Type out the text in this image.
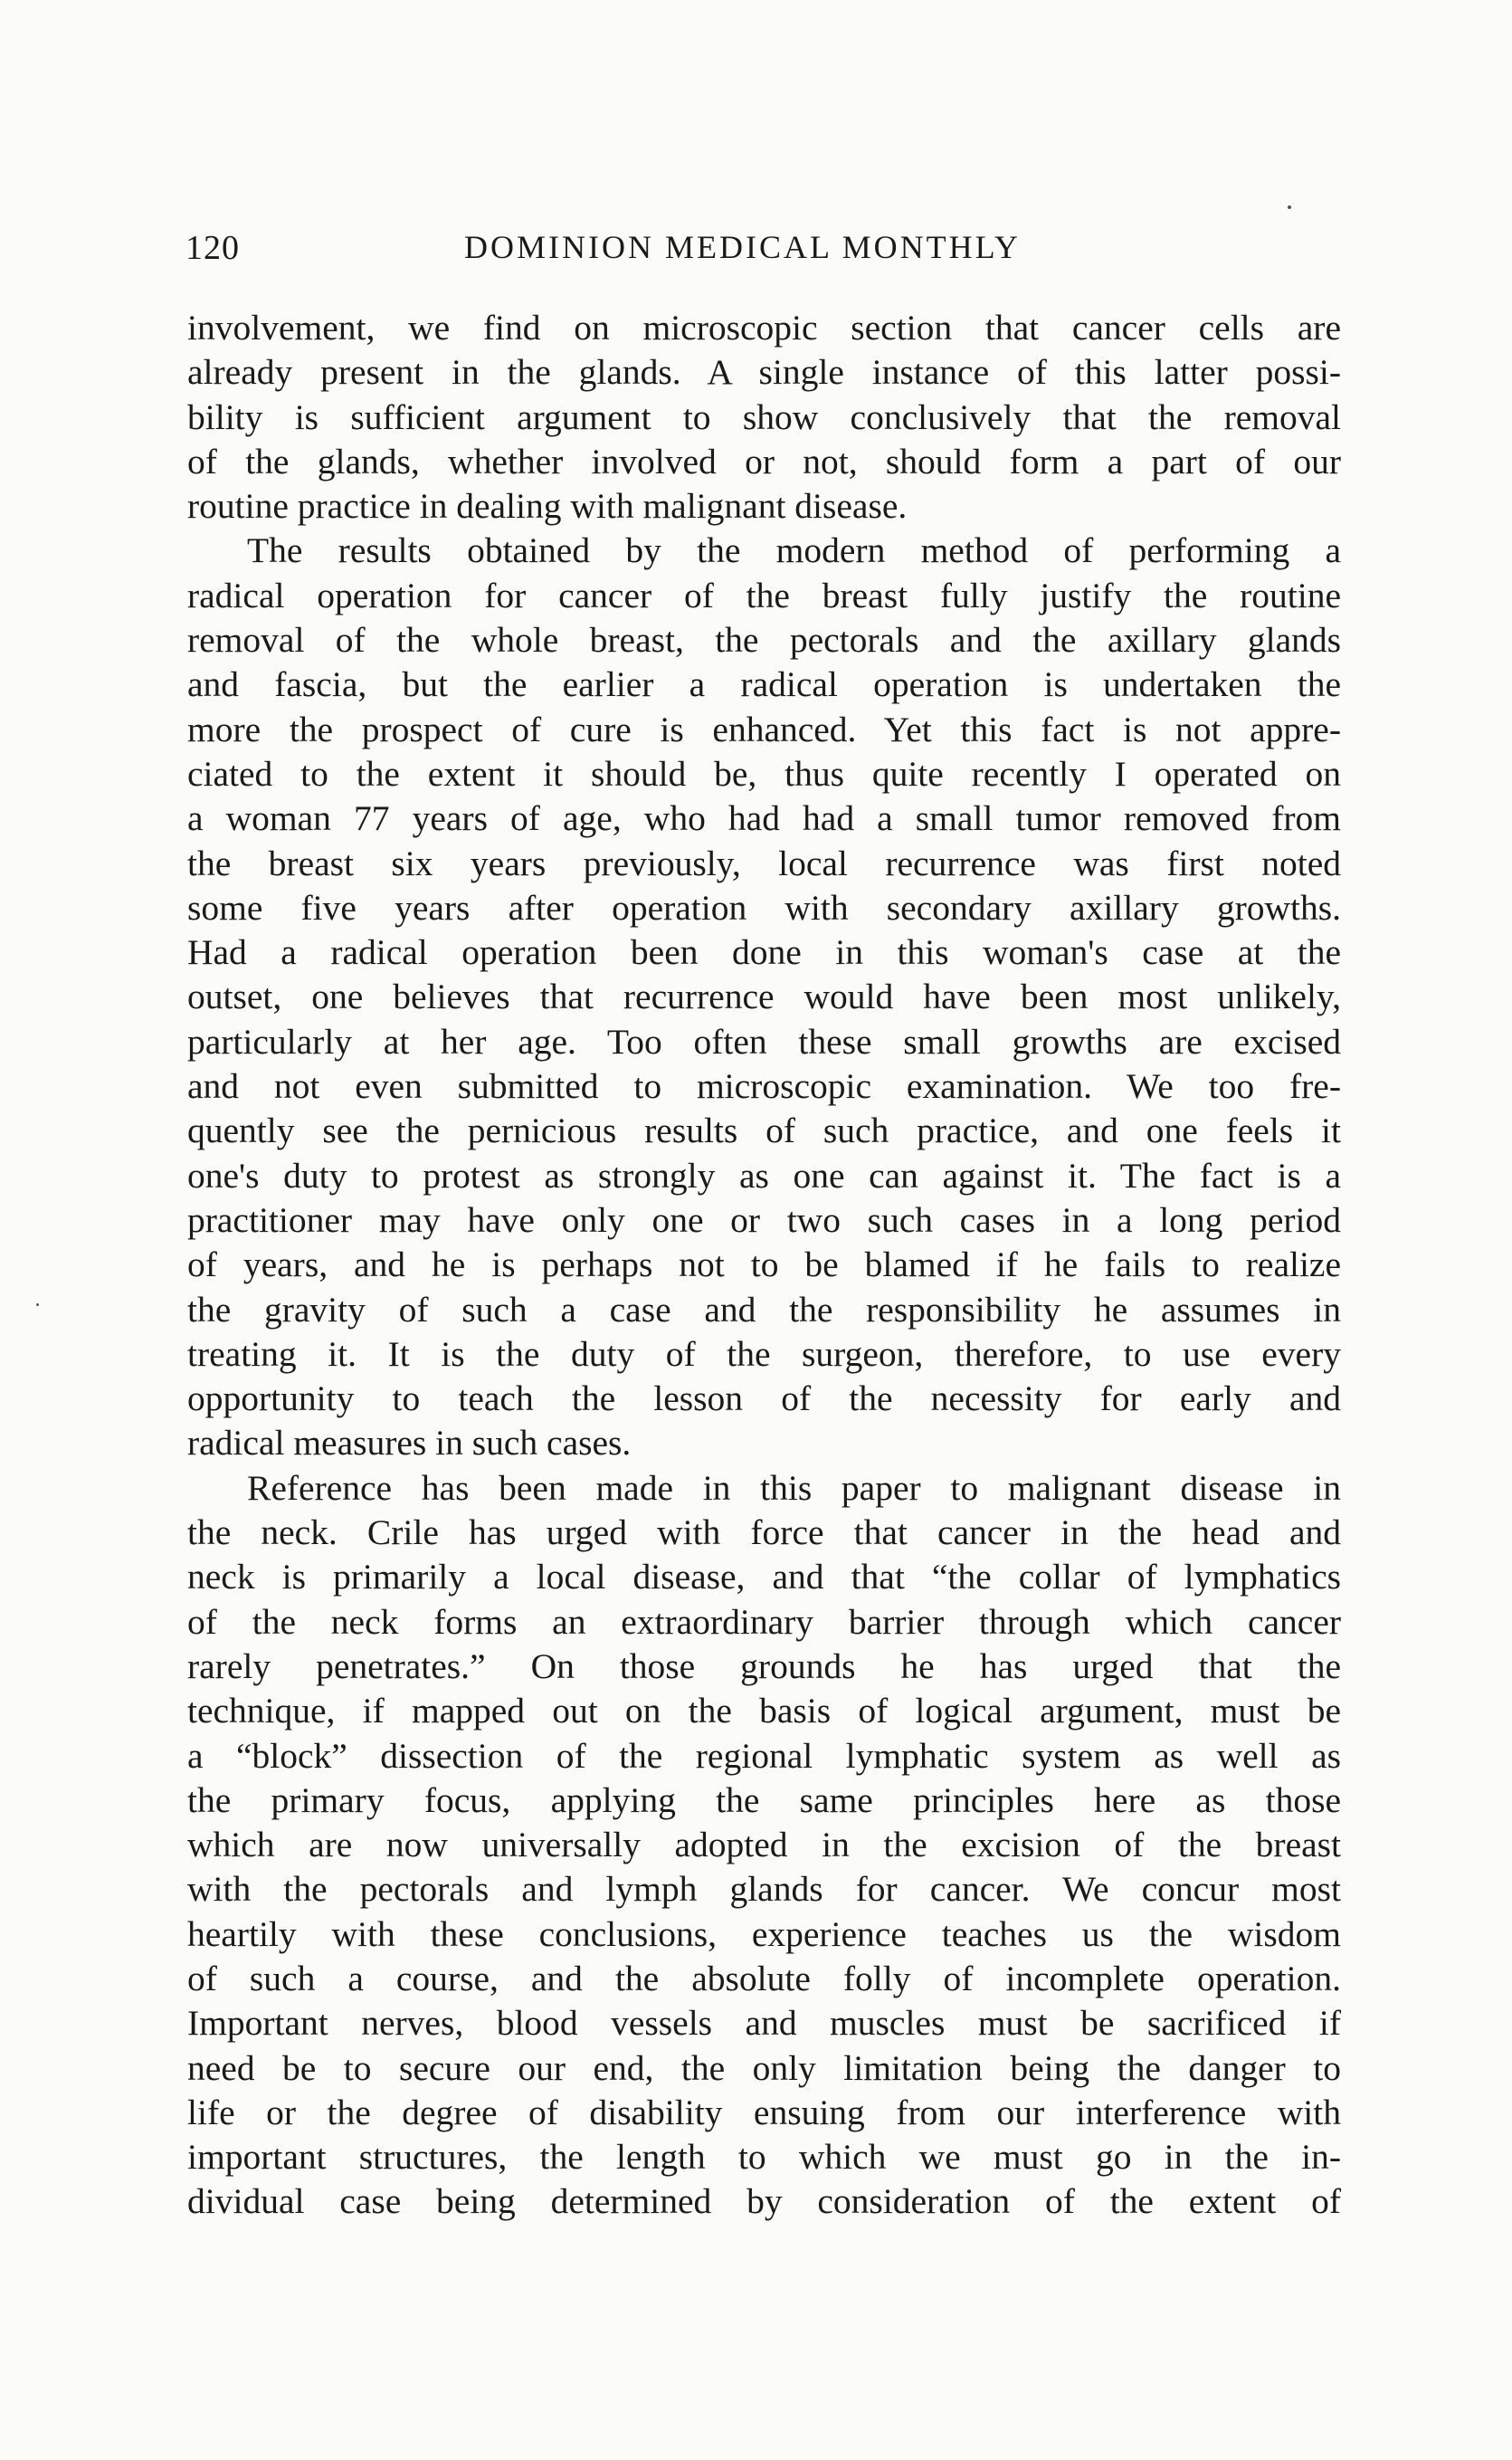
120	DOMINION MEDICAL MONTHLY
involvement, we find on microscopic section that cancer cells are
already present in the glands. A single instance of this latter possi-
bility is sufficient argument to show conclusively that the removal
of the glands, whether involved or not, should form a part of our
routine practice in dealing with malignant disease.
The results obtained by the modern method of performing a
radical operation for cancer of the breast fully justify the routine
removal of the whole breast, the pectorals and the axillary glands
and fascia, but the earlier a radical operation is undertaken the
more the prospect of cure is enhanced. Yet this fact is not appre-
ciated to the extent it should be, thus quite recently I operated on
a woman 77 years of age, who had had a small tumor removed from
the breast six years previously, local recurrence was first noted
some five years after operation with secondary axillary growths.
Had a radical operation been done in this woman's case at the
outset, one believes that recurrence would have been most unlikely,
particularly at her age. Too often these small growths are excised
and not even submitted to microscopic examination. We too fre-
quently see the pernicious results of such practice, and one feels it
one's duty to protest as strongly as one can against it. The fact is a
practitioner may have only one or two such cases in a long period
of years, and he is perhaps not to be blamed if he fails to realize
the gravity of such a case and the responsibility he assumes in
treating it. It is the duty of the surgeon, therefore, to use every
opportunity to teach the lesson of the necessity for early and
radical measures in such cases.
Reference has been made in this paper to malignant disease in
the neck. Crile has urged with force that cancer in the head and
neck is primarily a local disease, and that “the collar of lymphatics
of the neck forms an extraordinary barrier through which cancer
rarely penetrates.” On those grounds he has urged that the
technique, if mapped out on the basis of logical argument, must be
a “block” dissection of the regional lymphatic system as well as
the primary focus, applying the same principles here as those
which are now universally adopted in the excision of the breast
with the pectorals and lymph glands for cancer. We concur most
heartily with these conclusions, experience teaches us the wisdom
of such a course, and the absolute folly of incomplete operation.
Important nerves, blood vessels and muscles must be sacrificed if
need be to secure our end, the only limitation being the danger to
life or the degree of disability ensuing from our interference with
important structures, the length to which we must go in the in-
dividual case being determined by consideration of the extent of
